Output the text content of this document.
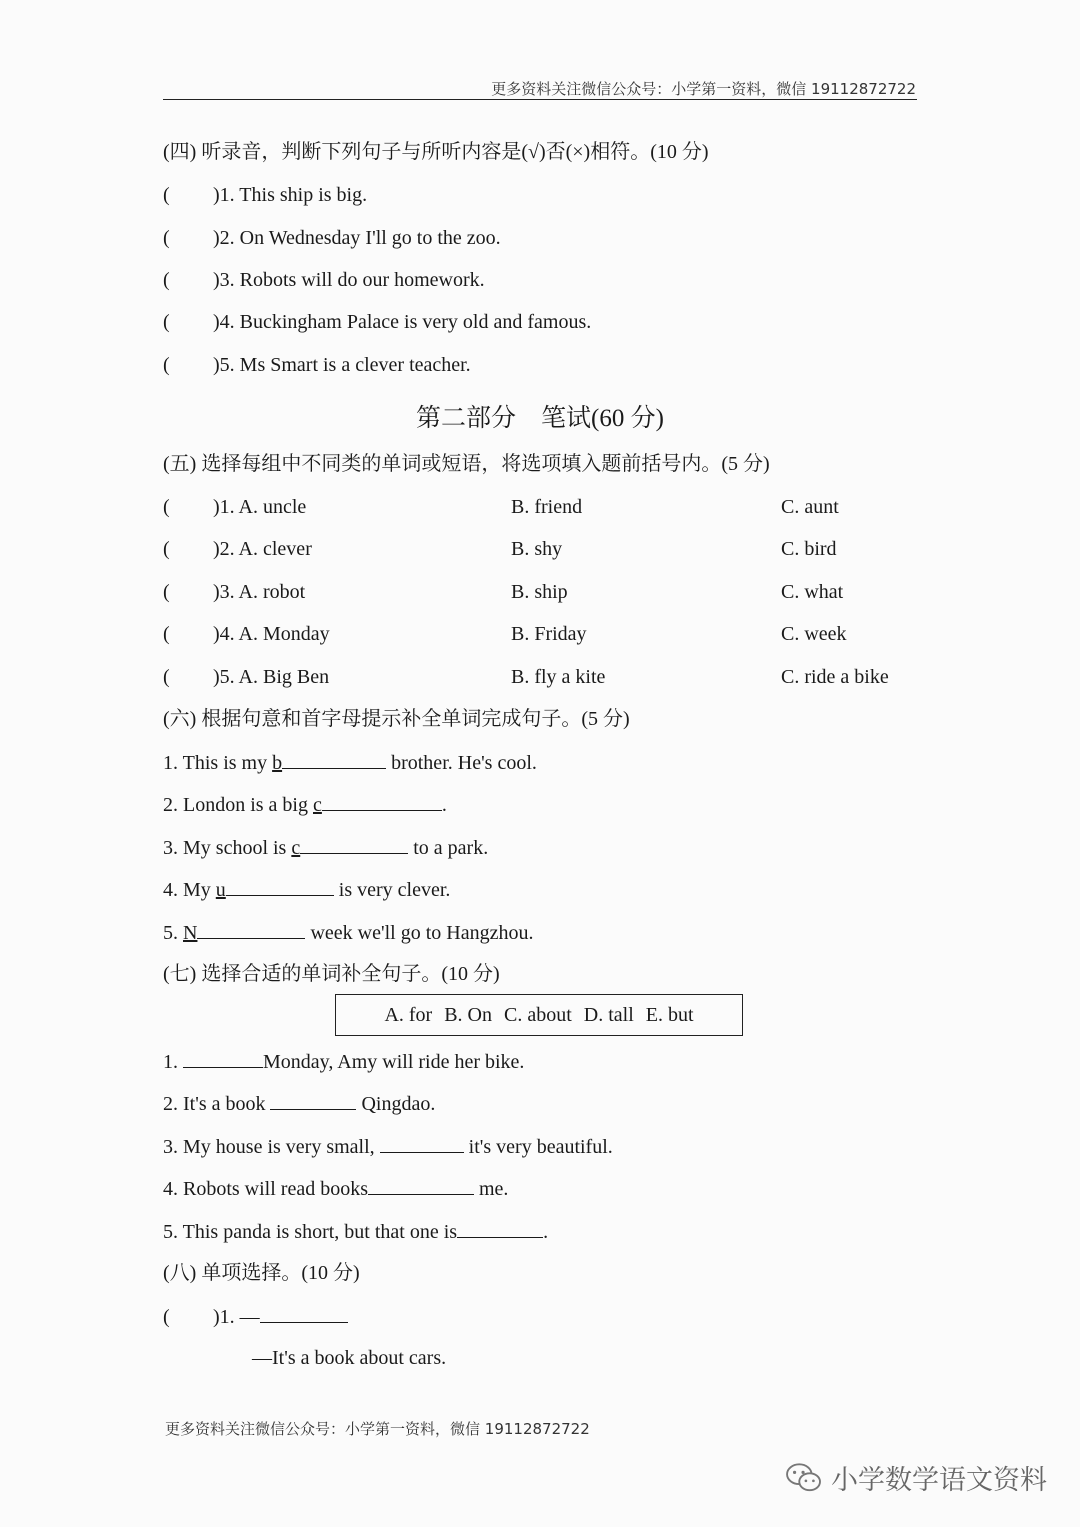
更多资料关注微信公众号：小学第一资料，微信 19112872722
(四) 听录音，判断下列句子与所听内容是(√)否(×)相符。(10 分)
( )1. This ship is big.
( )2. On Wednesday I'll go to the zoo.
( )3. Robots will do our homework.
( )4. Buckingham Palace is very old and famous.
( )5. Ms Smart is a clever teacher.
第二部分　笔试(60 分)
(五) 选择每组中不同类的单词或短语，将选项填入题前括号内。(5 分)
( )1. A. uncle	B. friend	C. aunt
( )2. A. clever	B. shy	C. bird
( )3. A. robot	B. ship	C. what
( )4. A. Monday	B. Friday	C. week
( )5. A. Big Ben	B. fly a kite	C. ride a bike
(六) 根据句意和首字母提示补全单词完成句子。(5 分)
1. This is my b	brother. He's cool.
2. London is a big c	.
3. My school is c	to a park.
4. My u	is very clever.
5. N	week we'll go to Hangzhou.
(七) 选择合适的单词补全句子。(10 分)
A. for B. On C. about D. tall E. but
1.	Monday, Amy will ride her bike.
2. It's a book	Qingdao.
3. My house is very small,	it's very beautiful.
4. Robots will read books	me.
5. This panda is short, but that one is	.
(八) 单项选择。(10 分)
( )1. —
—It's a book about cars.
更多资料关注微信公众号：小学第一资料，微信 19112872722
小学数学语文资料
